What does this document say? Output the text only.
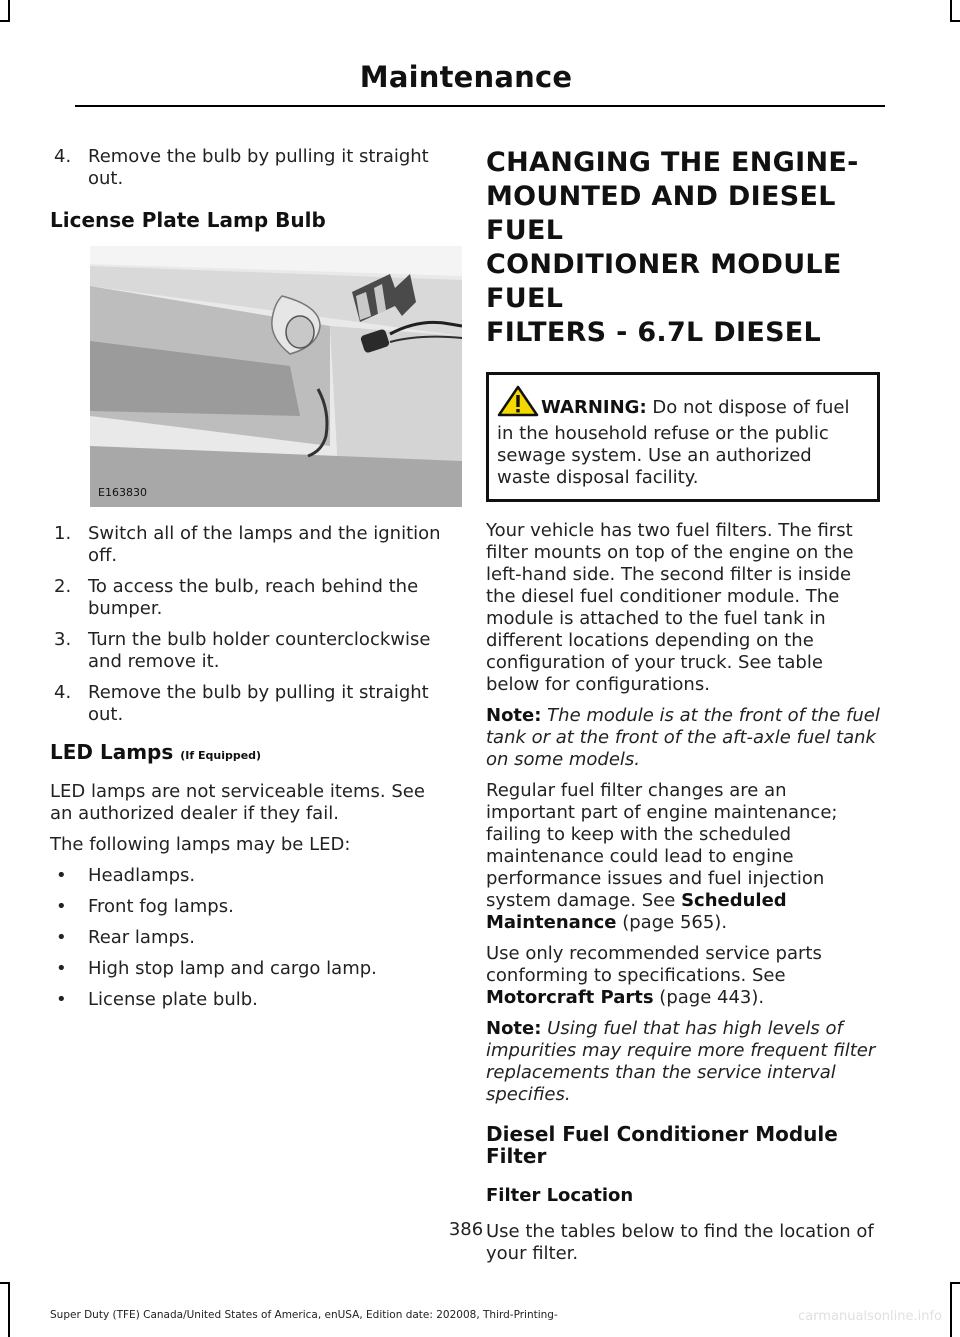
Maintenance
4. Remove the bulb by pulling it straight out.
License Plate Lamp Bulb
E163830
1. Switch all of the lamps and the ignition off.
2. To access the bulb, reach behind the bumper.
3. Turn the bulb holder counterclockwise and remove it.
4. Remove the bulb by pulling it straight out.
LED Lamps (If Equipped)

LED lamps are not serviceable items. See an authorized dealer if they fail.

The following lamps may be LED:

• Headlamps.
• Front fog lamps.
• Rear lamps.
• High stop lamp and cargo lamp.
• License plate bulb.
CHANGING THE ENGINE-
MOUNTED AND DIESEL FUEL
CONDITIONER MODULE FUEL
FILTERS - 6.7L DIESEL
WARNING: Do not dispose of fuel in the household refuse or the public sewage system. Use an authorized waste disposal facility.

Your vehicle has two fuel filters. The first filter mounts on top of the engine on the left-hand side. The second filter is inside the diesel fuel conditioner module. The module is attached to the fuel tank in different locations depending on the configuration of your truck. See table below for configurations.

Note: The module is at the front of the fuel tank or at the front of the aft-axle fuel tank on some models.

Regular fuel filter changes are an important part of engine maintenance; failing to keep with the scheduled maintenance could lead to engine performance issues and fuel injection system damage. See Scheduled Maintenance (page 565).

Use only recommended service parts conforming to specifications. See Motorcraft Parts (page 443).

Note: Using fuel that has high levels of impurities may require more frequent filter replacements than the service interval specifies.

Diesel Fuel Conditioner Module Filter
Filter Location

Use the tables below to find the location of your filter.

386
Super Duty (TFE) Canada/United States of America, enUSA, Edition date: 202008, Third-Printing-	carmanualsonline.info
